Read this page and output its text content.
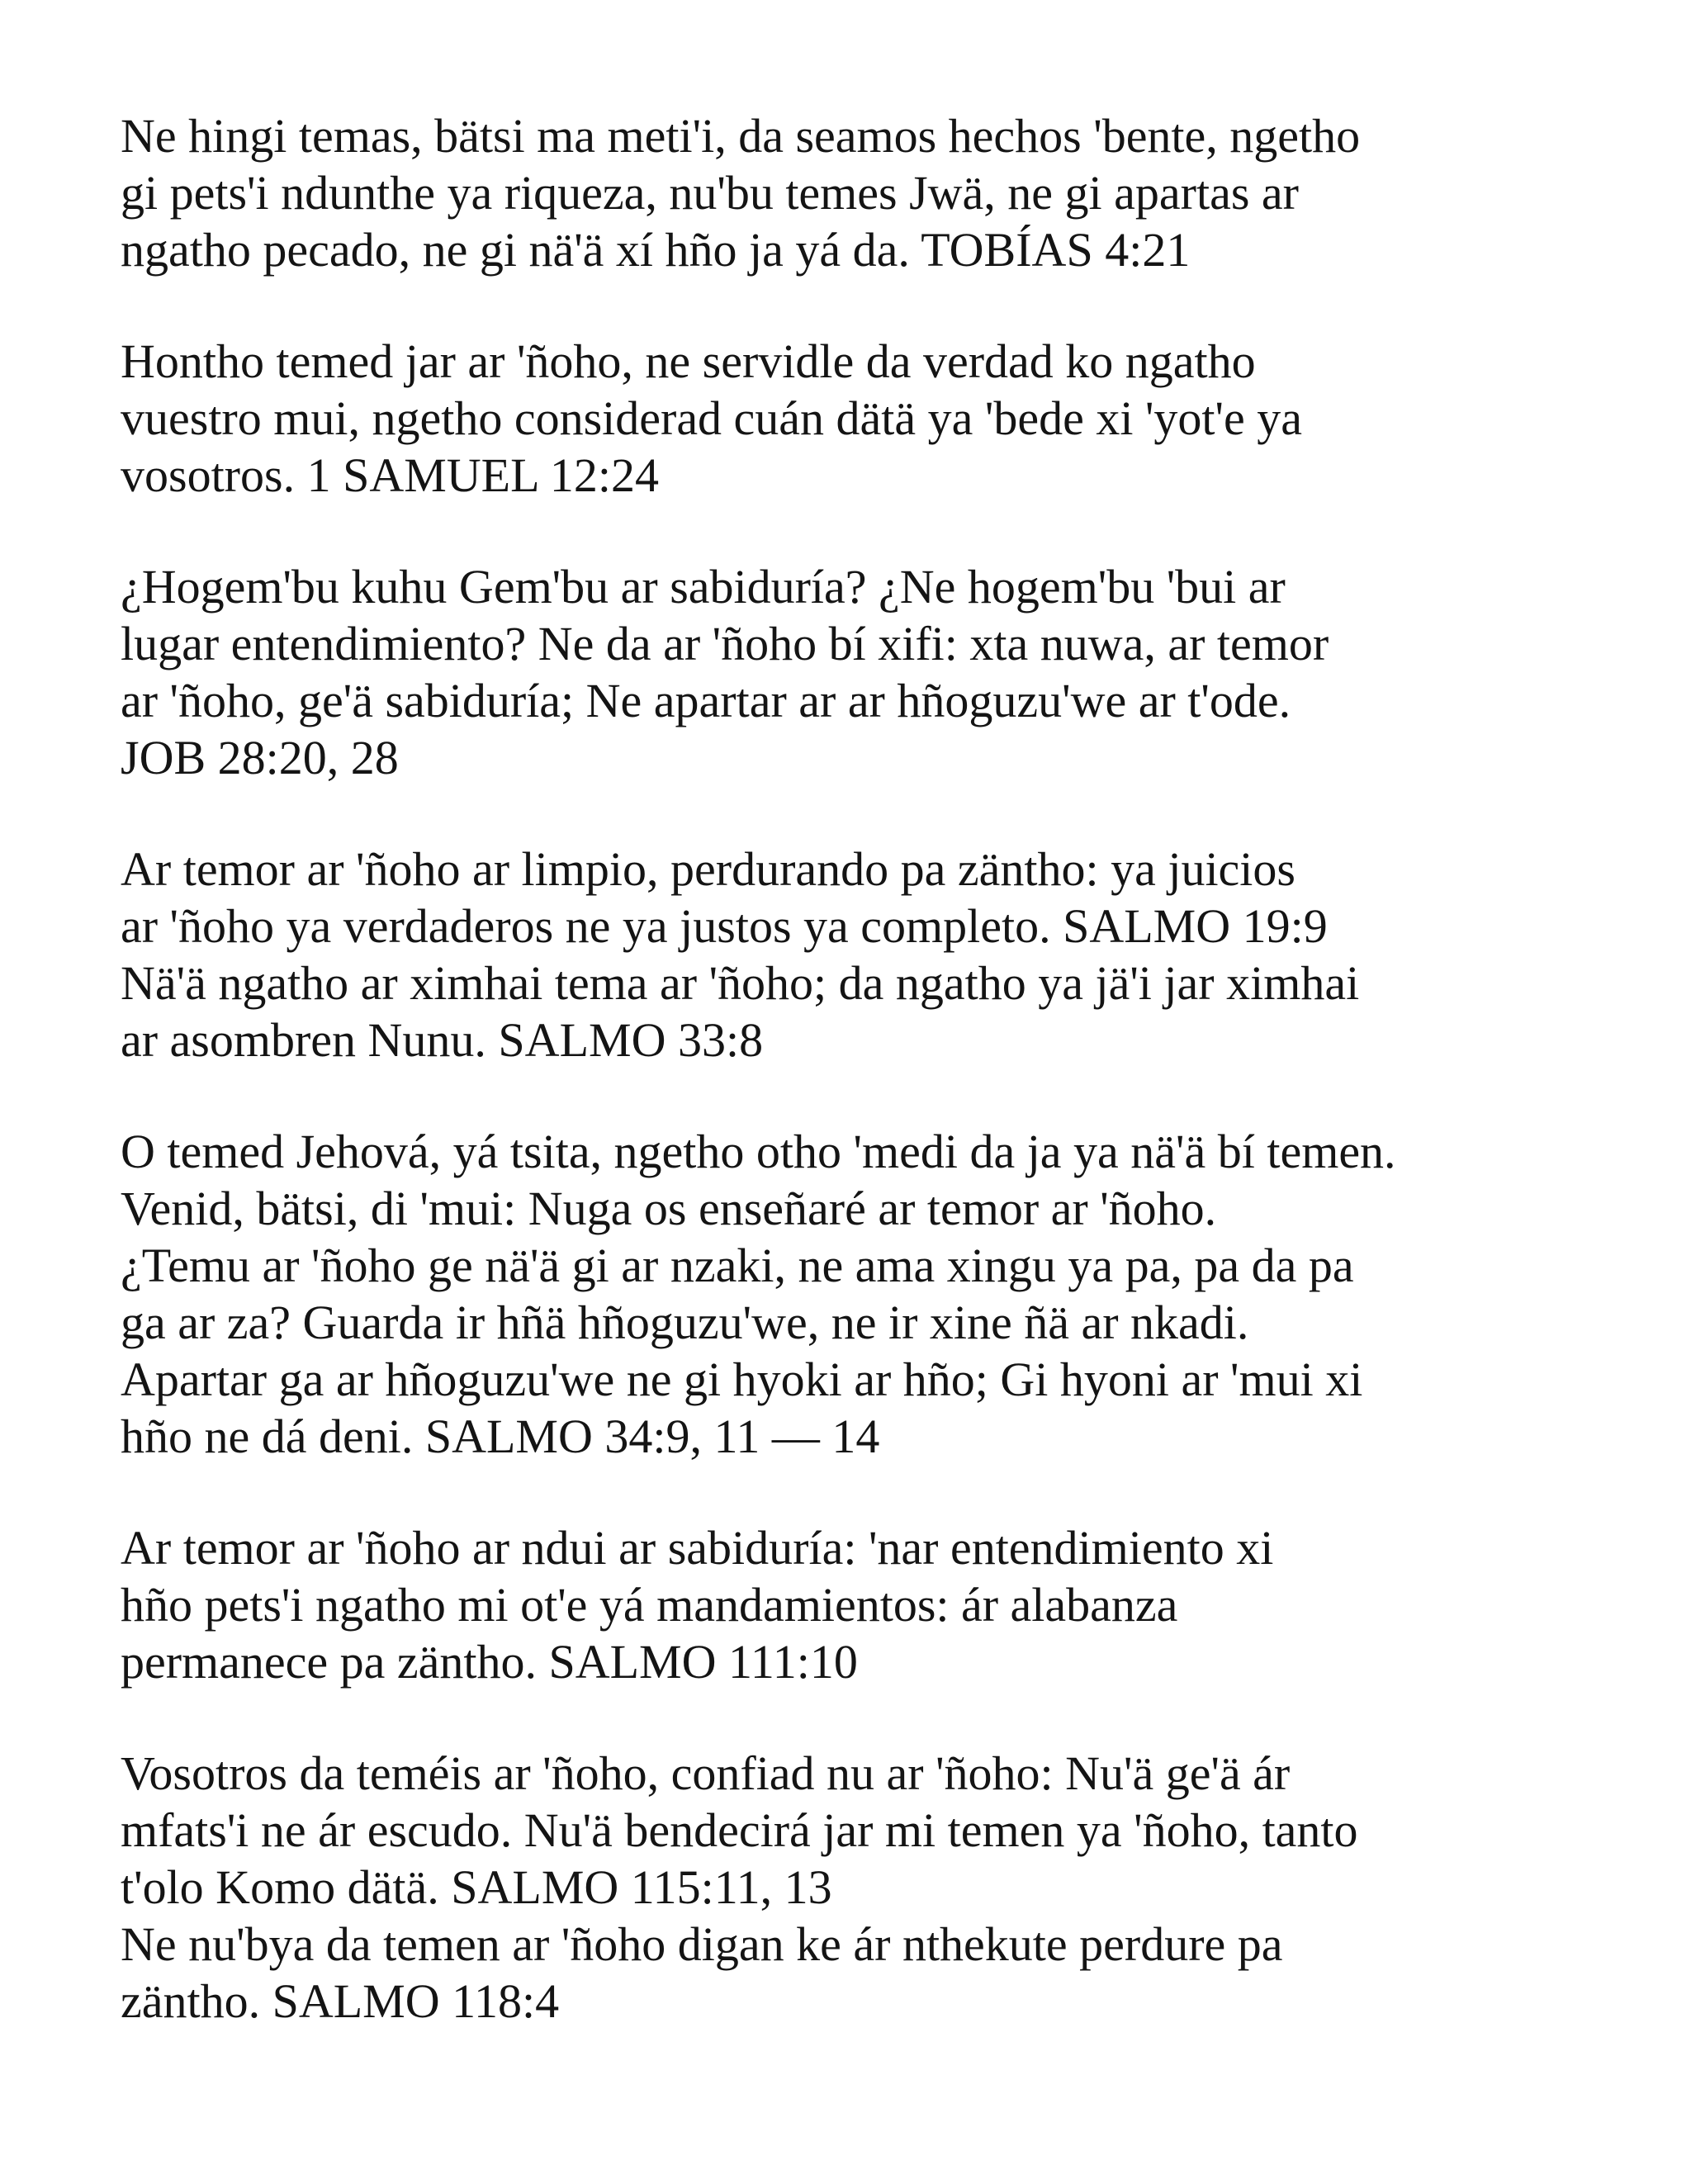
Ne hingi temas, bätsi ma meti'i, da seamos hechos 'bente, ngetho
gi pets'i ndunthe ya riqueza, nu'bu temes Jwä, ne gi apartas ar
ngatho pecado, ne gi nä'ä xí hño ja yá da. TOBÍAS 4:21

Hontho temed jar ar 'ñoho, ne servidle da verdad ko ngatho
vuestro mui, ngetho considerad cuán dätä ya 'bede xi 'yot'e ya
vosotros. 1 SAMUEL 12:24

¿Hogem'bu kuhu Gem'bu ar sabiduría? ¿Ne hogem'bu 'bui ar
lugar entendimiento? Ne da ar 'ñoho bí xifi: xta nuwa, ar temor
ar 'ñoho, ge'ä sabiduría; Ne apartar ar ar hñoguzu'we ar t'ode.
JOB 28:20, 28

Ar temor ar 'ñoho ar limpio, perdurando pa zäntho: ya juicios
ar 'ñoho ya verdaderos ne ya justos ya completo. SALMO 19:9
Nä'ä ngatho ar ximhai tema ar 'ñoho; da ngatho ya jä'i jar ximhai
ar asombren Nunu. SALMO 33:8

O temed Jehová, yá tsita, ngetho otho 'medi da ja ya nä'ä bí temen.
Venid, bätsi, di 'mui: Nuga os enseñaré ar temor ar 'ñoho.
¿Temu ar 'ñoho ge nä'ä gi ar nzaki, ne ama xingu ya pa, pa da pa
ga ar za? Guarda ir hñä hñoguzu'we, ne ir xine ñä ar nkadi.
Apartar ga ar hñoguzu'we ne gi hyoki ar hño; Gi hyoni ar 'mui xi
hño ne dá deni. SALMO 34:9, 11 — 14

Ar temor ar 'ñoho ar ndui ar sabiduría: 'nar entendimiento xi
hño pets'i ngatho mi ot'e yá mandamientos: ár alabanza
permanece pa zäntho. SALMO 111:10

Vosotros da teméis ar 'ñoho, confiad nu ar 'ñoho: Nu'ä ge'ä ár
mfats'i ne ár escudo. Nu'ä bendecirá jar mi temen ya 'ñoho, tanto
t'olo Komo dätä. SALMO 115:11, 13
Ne nu'bya da temen ar 'ñoho digan ke ár nthekute perdure pa
zäntho. SALMO 118:4
